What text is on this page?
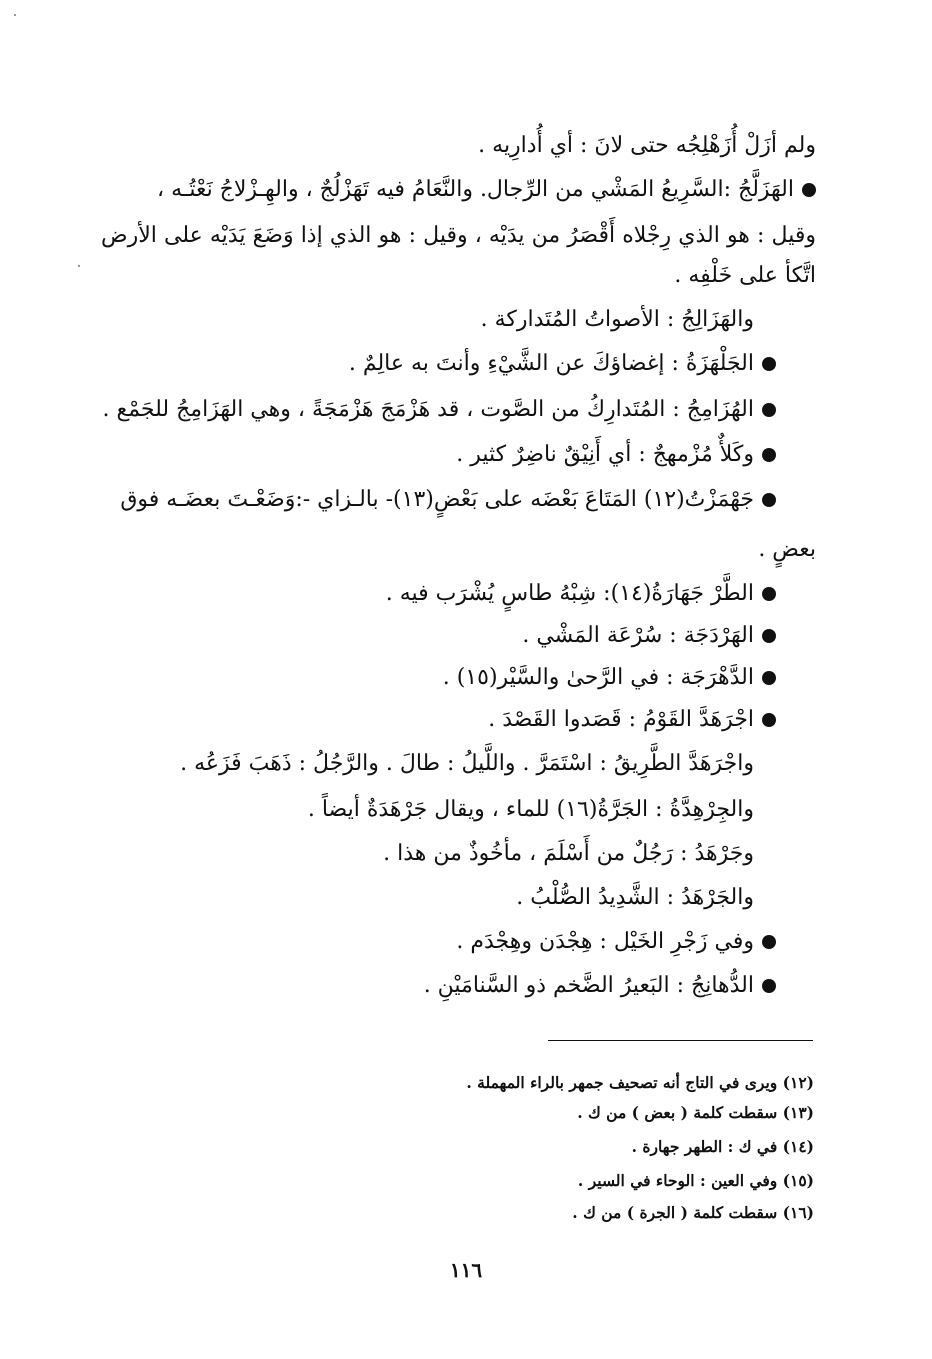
ولم أزَلْ أُزَهْلِجُه حتى لانَ : أي أُدارِيه .
الهَزَلَّجُ :السَّرِيعُ المَشْي من الرِّجال. والنَّعَامُ فيه تَهَزْلُجٌ ، والهِـزْلاجُ نَعْتُـه ،
وقيل : هو الذي رِجْلاه أَقْصَرُ من يدَيْه ، وقيل : هو الذي إذا وَضَعَ يَدَيْه على الأرض
اتَّكأ على خَلْفِه .
والهَزَالِجُ : الأصواتُ المُتَداركة .
الجَلْهَزَةُ : إغضاؤكَ عن الشَّيْءِ وأنتَ به عالِمٌ .
الهُزَامِجُ : المُتَدارِكُ من الصَّوت ، قد هَزْمَجَ هَزْمَجَةً ، وهي الهَزَامِجُ للجَمْع .
وكَلأٌ مُزْمهجٌ : أي أَنِيْقٌ ناضِرٌ كثير .
جَهْمَزْتُ(١٢) المَتَاعَ بَعْضَه على بَعْضٍ(١٣)- بالـزاي -:وَضَعْـتَ بعضَـه فوق
بعضٍ .
الطَّرْ جَهَارَةُ(١٤): شِبْهُ طاسٍ يُشْرَب فيه .
الهَرْدَجَة : سُرْعَة المَشْي .
الدَّهْرَجَة : في الرَّحىٰ والسَّيْر(١٥) .
اجْرَهَدَّ القَوْمُ : قَصَدوا القَصْدَ .
واجْرَهَدَّ الطَّرِيقُ : اسْتَمَرَّ . واللَّيلُ : طالَ . والرَّجُلُ : ذَهَبَ فَزَعُه .
والجِرْهِدَّةُ : الجَرَّةُ(١٦) للماء ، ويقال جَرْهَدَةٌ أيضاً .
وجَرْهَدُ : رَجُلٌ من أَسْلَمَ ، مأخُوذٌ من هذا .
والجَرْهَدُ : الشَّدِيدُ الصُّلْبُ .
وفي زَجْرِ الخَيْل : هِجْدَن وهِجْدَم .
الدُّهانِجُ : البَعيرُ الضَّخم ذو السَّنامَيْنِ .
(١٢) ويرى في التاج أنه تصحيف جمهر بالراء المهملة .
(١٣) سقطت كلمة ( بعض ) من ك .
(١٤) في ك : الطهر جهارة .
(١٥) وفي العين : الوحاء في السير .
(١٦) سقطت كلمة ( الجرة ) من ك .
١١٦
